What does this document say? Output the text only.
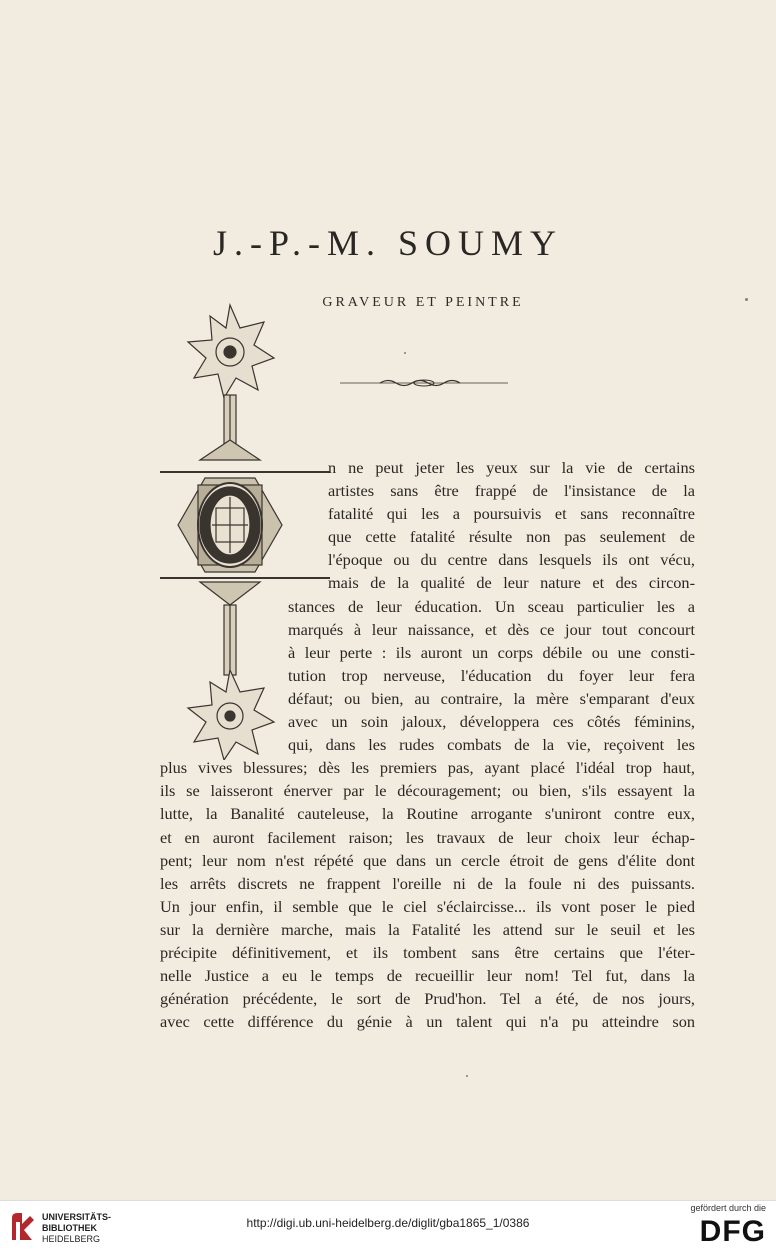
J.-P.-M. SOUMY
GRAVEUR ET PEINTRE
n ne peut jeter les yeux sur la vie de certains
artistes sans être frappé de l'insistance de la
fatalité qui les a poursuivis et sans reconnaître
que cette fatalité résulte non pas seulement de
l'époque ou du centre dans lesquels ils ont vécu,
mais de la qualité de leur nature et des circon-
stances de leur éducation. Un sceau particulier les a
marqués à leur naissance, et dès ce jour tout concourt
à leur perte : ils auront un corps débile ou une consti-
tution trop nerveuse, l'éducation du foyer leur fera
défaut; ou bien, au contraire, la mère s'emparant d'eux
avec un soin jaloux, développera ces côtés féminins,
qui, dans les rudes combats de la vie, reçoivent les
plus vives blessures; dès les premiers pas, ayant placé l'idéal trop haut,
ils se laisseront énerver par le découragement; ou bien, s'ils essayent la
lutte, la Banalité cauteleuse, la Routine arrogante s'uniront contre eux,
et en auront facilement raison; les travaux de leur choix leur échap-
pent; leur nom n'est répété que dans un cercle étroit de gens d'élite dont
les arrêts discrets ne frappent l'oreille ni de la foule ni des puissants.
Un jour enfin, il semble que le ciel s'éclaircisse... ils vont poser le pied
sur la dernière marche, mais la Fatalité les attend sur le seuil et les
précipite définitivement, et ils tombent sans être certains que l'éter-
nelle Justice a eu le temps de recueillir leur nom! Tel fut, dans la
génération précédente, le sort de Prud'hon. Tel a été, de nos jours,
avec cette différence du génie à un talent qui n'a pu atteindre son
UNIVERSITÄTS-
BIBLIOTHEK
HEIDELBERG
http://digi.ub.uni-heidelberg.de/diglit/gba1865_1/0386
gefördert durch die
DFG
